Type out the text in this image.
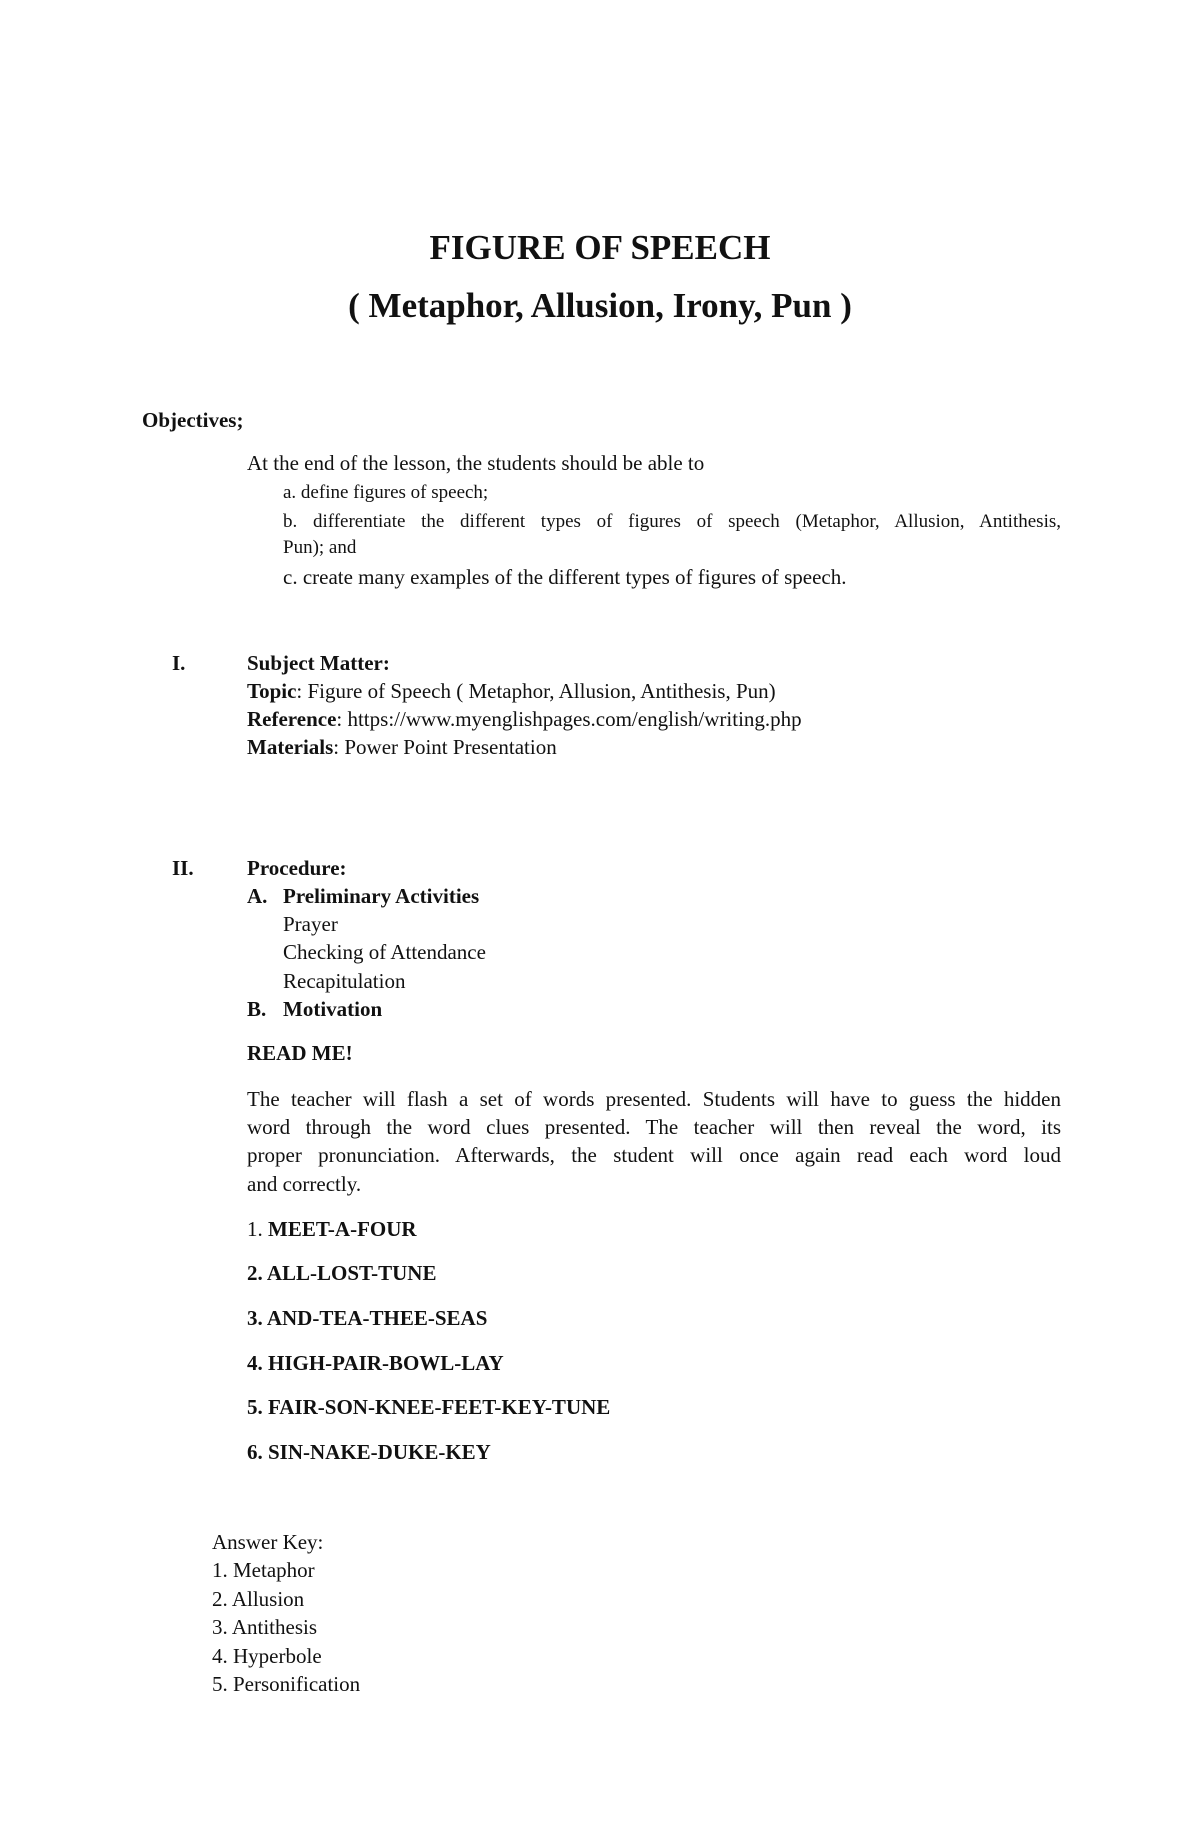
FIGURE OF SPEECH
( Metaphor, Allusion, Irony, Pun )
Objectives;
At the end of the lesson, the students should be able to
a. define figures of speech;
b. differentiate the different types of figures of speech (Metaphor, Allusion, Antithesis,
Pun); and
c. create many examples of the different types of figures of speech.
I.	Subject Matter:
Topic: Figure of Speech ( Metaphor, Allusion, Antithesis, Pun)
Reference: https://www.myenglishpages.com/english/writing.php
Materials: Power Point Presentation
II.	Procedure:
A. Preliminary Activities
Prayer
Checking of Attendance
Recapitulation
B. Motivation
READ ME!
The teacher will flash a set of words presented. Students will have to guess the hidden
word through the word clues presented. The teacher will then reveal the word, its
proper pronunciation. Afterwards, the student will once again read each word loud
and correctly.
1. MEET-A-FOUR
2. ALL-LOST-TUNE
3. AND-TEA-THEE-SEAS
4. HIGH-PAIR-BOWL-LAY
5. FAIR-SON-KNEE-FEET-KEY-TUNE
6. SIN-NAKE-DUKE-KEY
Answer Key:
1. Metaphor
2. Allusion
3. Antithesis
4. Hyperbole
5. Personification
